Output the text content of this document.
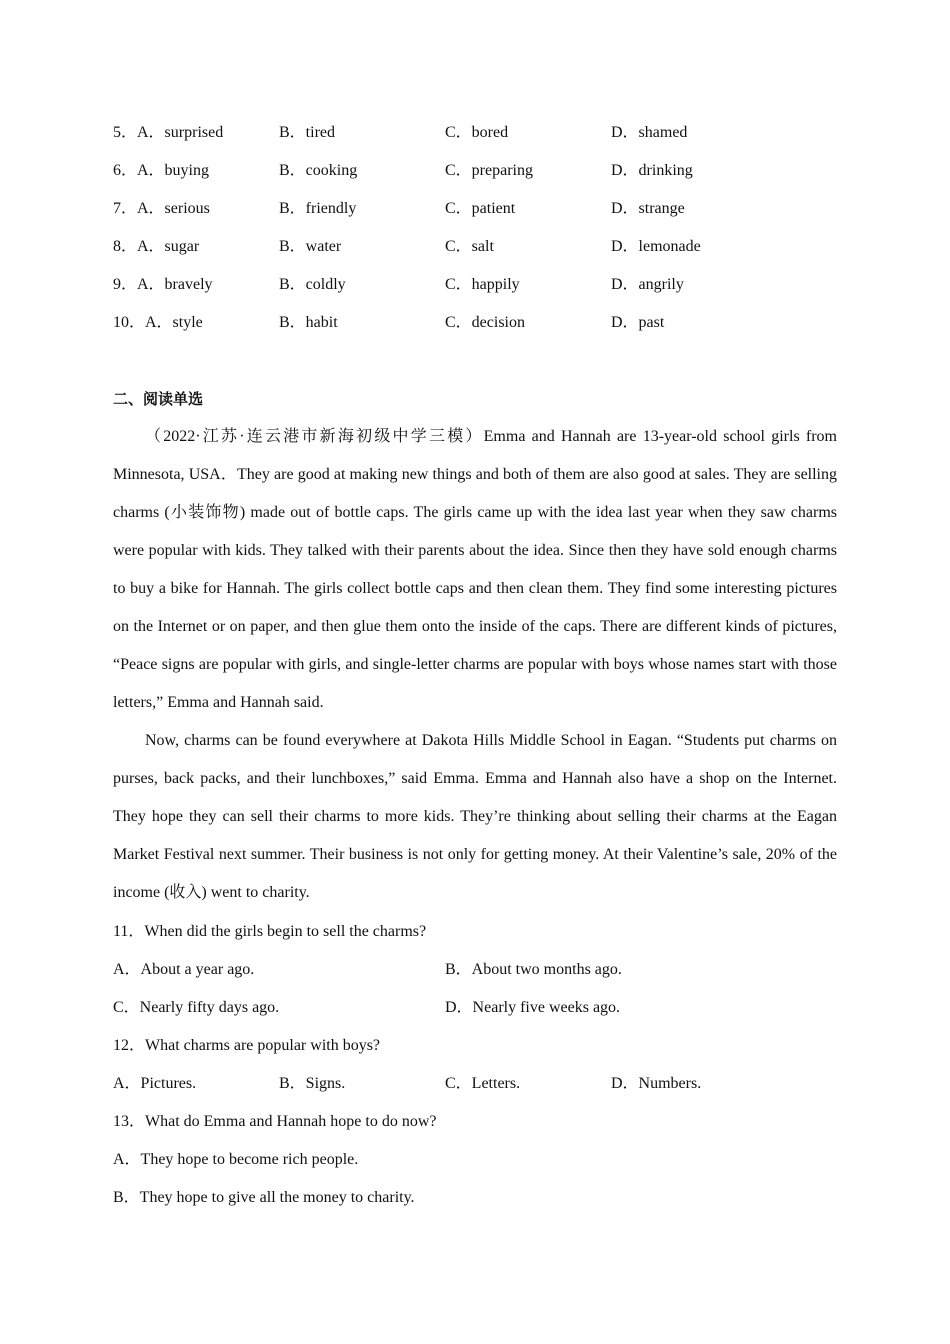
5．A．surprised	B．tired	C．bored	D．shamed
6．A．buying	B．cooking	C．preparing	D．drinking
7．A．serious	B．friendly	C．patient	D．strange
8．A．sugar	B．water	C．salt	D．lemonade
9．A．bravely	B．coldly	C．happily	D．angrily
10．A．style	B．habit	C．decision	D．past
二、阅读单选

（2022·江苏·连云港市新海初级中学三模）Emma and Hannah are 13-year-old school girls from Minnesota, USA．They are good at making new things and both of them are also good at sales. They are selling charms (小装饰物) made out of bottle caps. The girls came up with the idea last year when they saw charms were popular with kids. They talked with their parents about the idea. Since then they have sold enough charms to buy a bike for Hannah. The girls collect bottle caps and then clean them. They find some interesting pictures on the Internet or on paper, and then glue them onto the inside of the caps. There are different kinds of pictures, “Peace signs are popular with girls, and single-letter charms are popular with boys whose names start with those letters,” Emma and Hannah said.

Now, charms can be found everywhere at Dakota Hills Middle School in Eagan. “Students put charms on purses, back packs, and their lunchboxes,” said Emma. Emma and Hannah also have a shop on the Internet. They hope they can sell their charms to more kids. They’re thinking about selling their charms at the Eagan Market Festival next summer. Their business is not only for getting money. At their Valentine’s sale, 20% of the income (收入) went to charity.

11．When did the girls begin to sell the charms?
A．About a year ago.	B．About two months ago.
C．Nearly fifty days ago.	D．Nearly five weeks ago.
12．What charms are popular with boys?
A．Pictures.	B．Signs.	C．Letters.	D．Numbers.
13．What do Emma and Hannah hope to do now?
A．They hope to become rich people.
B．They hope to give all the money to charity.
